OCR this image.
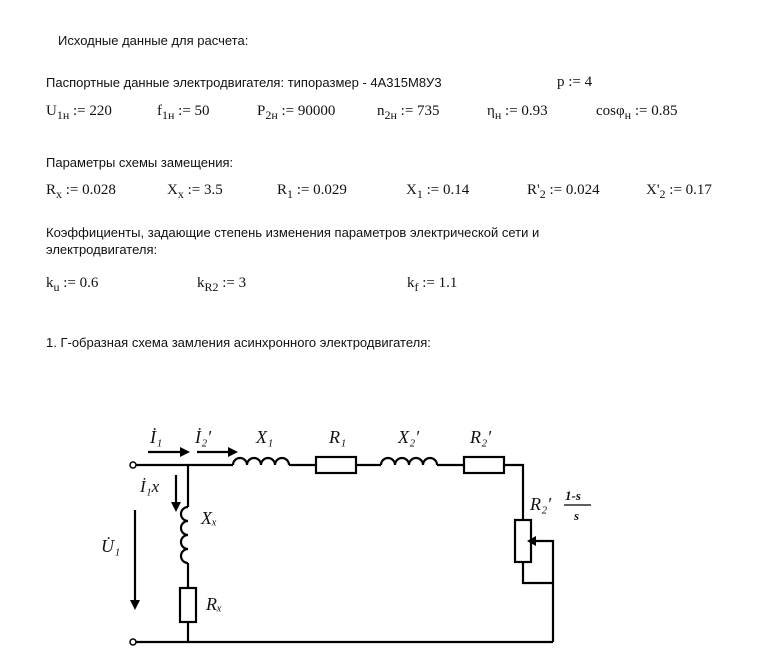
Исходные данные для расчета:
Паспортные данные электродвигателя: типоразмер - 4А315М8У3	p := 4
$U_{1н}$ := 220	$f_{1н}$ := 50	$P_{2н}$ := 90000	$n_{2н}$ := 735	$\eta_н$ := 0.93	cosφ$_н$ := 0.85
Параметры схемы замещения:
$R_x$ := 0.028	$X_x$ := 3.5	$R_1$ := 0.029	$X_1$ := 0.14	$R'_2$ := 0.024	$X'_2$ := 0.17
Коэффициенты, задающие степень изменения параметров электрической сети и электродвигателя:
$k_u$ := 0.6	$k_{R2}$ := 3	$k_f$ := 1.1
1. Г-образная схема замления асинхронного электродвигателя:
İ₁ İ₂′ X₁	R₁	X₂′	R₂′
İ₁x
Xₓ
U̇₁
Rₓ
R₂′ 1-s
s
